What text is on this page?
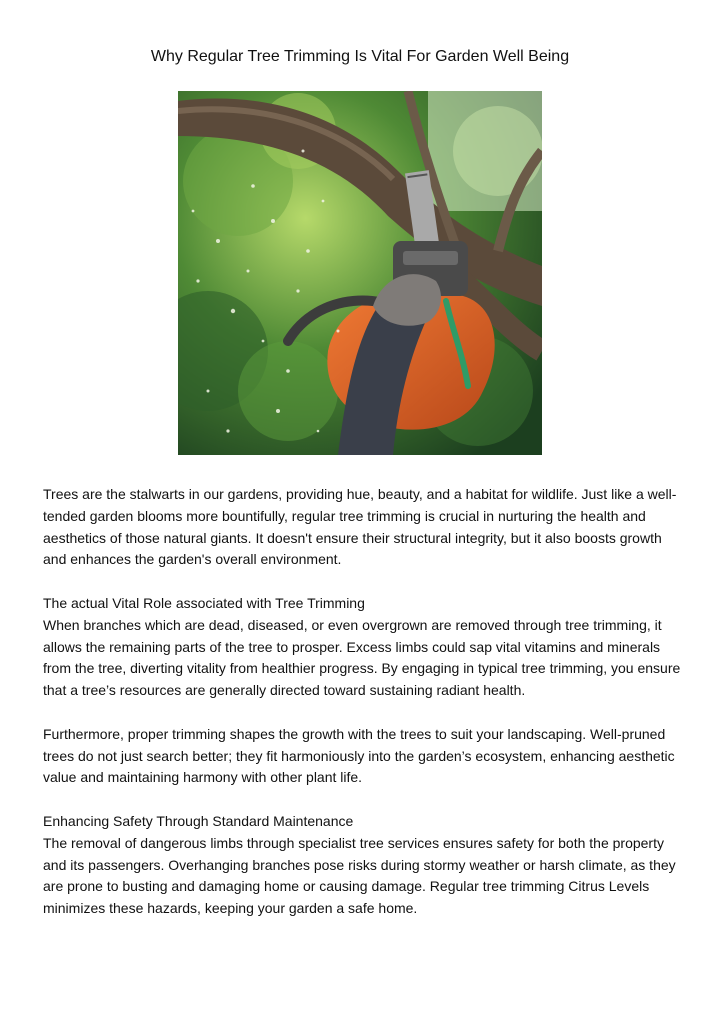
Why Regular Tree Trimming Is Vital For Garden Well Being

Trees are the stalwarts in our gardens, providing hue, beauty, and a habitat for wildlife. Just like a well-tended garden blooms more bountifully, regular tree trimming is crucial in nurturing the health and aesthetics of those natural giants. It doesn't ensure their structural integrity, but it also boosts growth and enhances the garden's overall environment.

The actual Vital Role associated with Tree Trimming
When branches which are dead, diseased, or even overgrown are removed through tree trimming, it allows the remaining parts of the tree to prosper. Excess limbs could sap vital vitamins and minerals from the tree, diverting vitality from healthier progress. By engaging in typical tree trimming, you ensure that a tree’s resources are generally directed toward sustaining radiant health.

Furthermore, proper trimming shapes the growth with the trees to suit your landscaping. Well-pruned trees do not just search better; they fit harmoniously into the garden’s ecosystem, enhancing aesthetic value and maintaining harmony with other plant life.

Enhancing Safety Through Standard Maintenance
The removal of dangerous limbs through specialist tree services ensures safety for both the property and its passengers. Overhanging branches pose risks during stormy weather or harsh climate, as they are prone to busting and damaging home or causing damage. Regular tree trimming Citrus Levels minimizes these hazards, keeping your garden a safe home.
